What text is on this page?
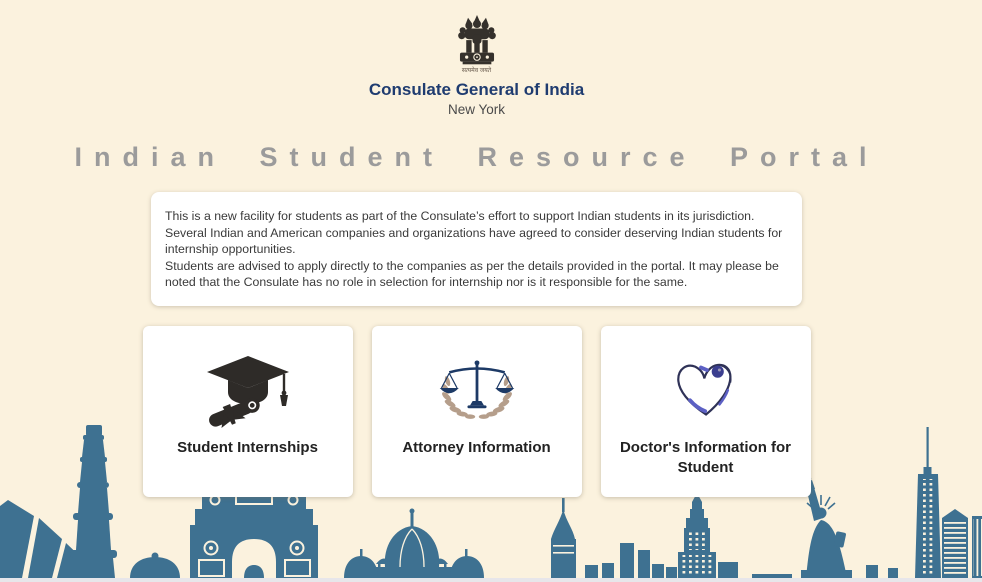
सत्यमेव जयते
Consulate General of India
New York
Indian Student Resource Portal
This is a new facility for students as part of the Consulate’s effort to support Indian students in its jurisdiction. Several Indian and American companies and organizations have agreed to consider deserving Indian students for internship opportunities.
Students are advised to apply directly to the companies as per the details provided in the portal. It may please be noted that the Consulate has no role in selection for internship nor is it responsible for the same.
Student Internships	Attorney Information	Doctor's Information for Student
